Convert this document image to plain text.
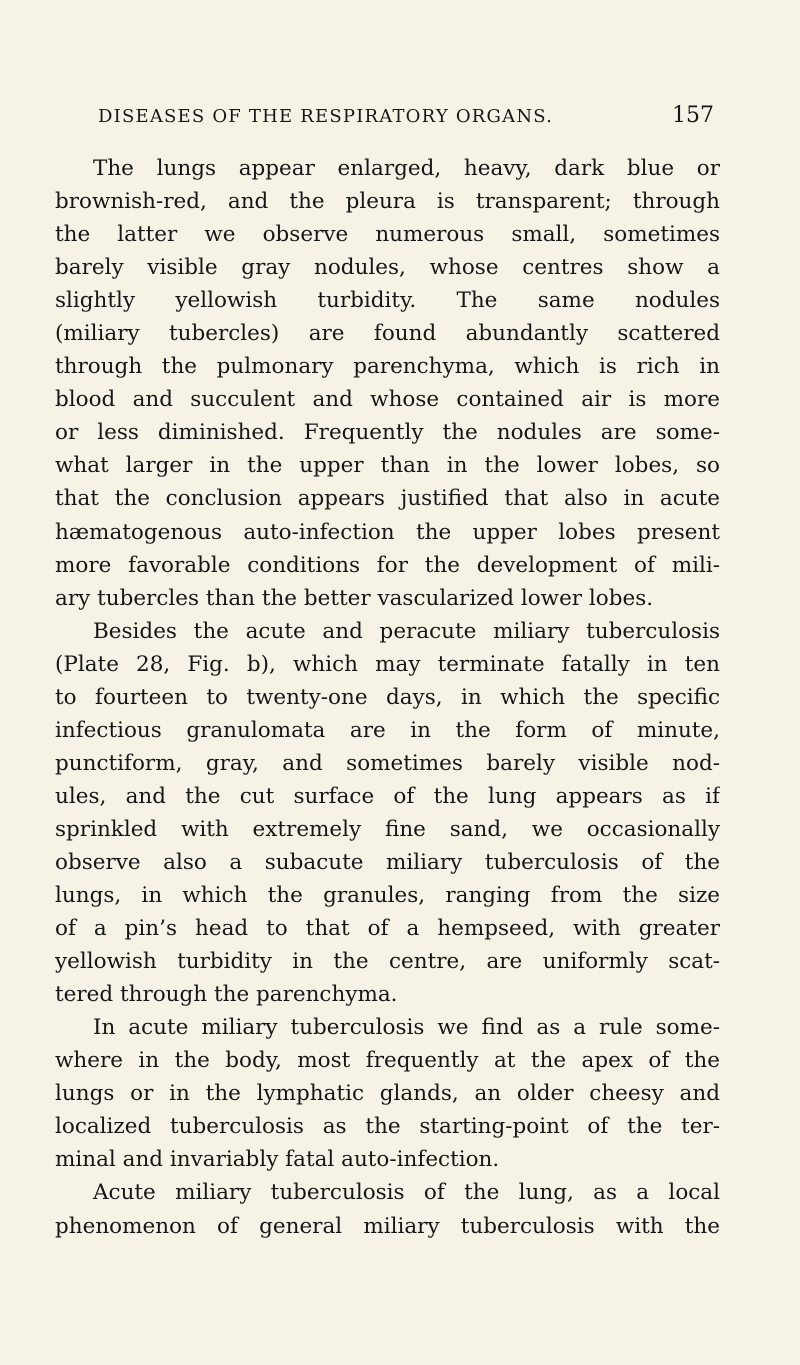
DISEASES OF THE RESPIRATORY ORGANS.	157
The lungs appear enlarged, heavy, dark blue or
brownish-red, and the pleura is transparent; through
the latter we observe numerous small, sometimes
barely visible gray nodules, whose centres show a
slightly yellowish turbidity. The same nodules
(miliary tubercles) are found abundantly scattered
through the pulmonary parenchyma, which is rich in
blood and succulent and whose contained air is more
or less diminished. Frequently the nodules are some-
what larger in the upper than in the lower lobes, so
that the conclusion appears justified that also in acute
hæmatogenous auto-infection the upper lobes present
more favorable conditions for the development of mili-
ary tubercles than the better vascularized lower lobes.
Besides the acute and peracute miliary tuberculosis
(Plate 28, Fig. b), which may terminate fatally in ten
to fourteen to twenty-one days, in which the specific
infectious granulomata are in the form of minute,
punctiform, gray, and sometimes barely visible nod-
ules, and the cut surface of the lung appears as if
sprinkled with extremely fine sand, we occasionally
observe also a subacute miliary tuberculosis of the
lungs, in which the granules, ranging from the size
of a pin’s head to that of a hempseed, with greater
yellowish turbidity in the centre, are uniformly scat-
tered through the parenchyma.
In acute miliary tuberculosis we find as a rule some-
where in the body, most frequently at the apex of the
lungs or in the lymphatic glands, an older cheesy and
localized tuberculosis as the starting-point of the ter-
minal and invariably fatal auto-infection.
Acute miliary tuberculosis of the lung, as a local
phenomenon of general miliary tuberculosis with the
